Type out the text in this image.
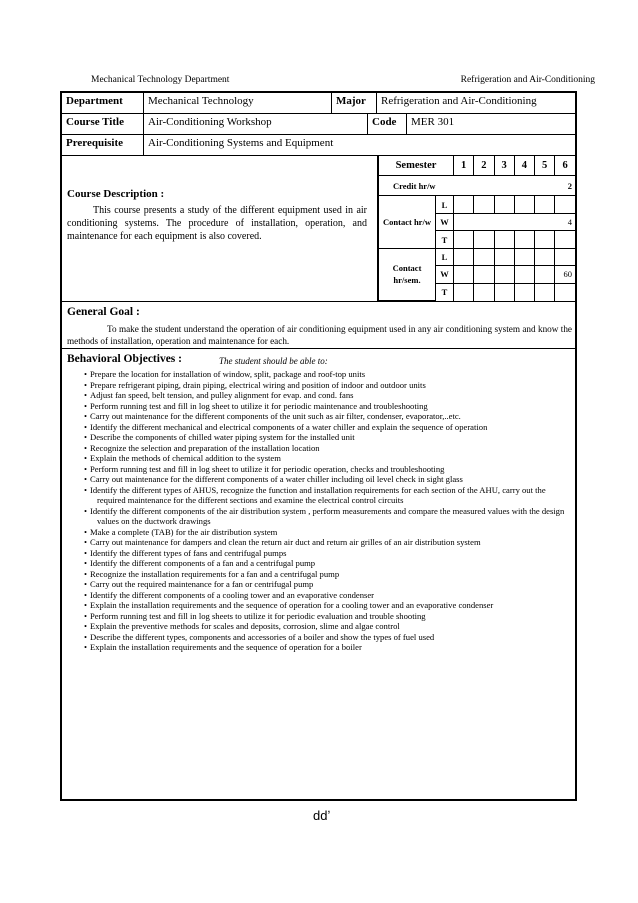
Mechanical Technology Department	Refrigeration and Air-Conditioning
Department	Mechanical Technology	Major	Refrigeration and Air-Conditioning
Course Title	Air-Conditioning Workshop	Code	MER 301
Prerequisite	Air-Conditioning Systems and Equipment
Course Description :
This course presents a study of the different equipment used in air conditioning systems. The procedure of installation, operation, and maintenance for each equipment is also covered.
Semester		1	2	3	4	5	6
Credit hr/w							2
Contact hr/w	L						
	W						4
	T						
Contact hr/sem.	L						
	W						60
	T						
General Goal :
To make the student understand the operation of air conditioning equipment used in any air conditioning system and know the methods of installation, operation and maintenance for each.
Behavioral Objectives :	The student should be able to:
• Prepare the location for installation of window, split, package and roof-top units
• Prepare refrigerant piping, drain piping, electrical wiring and position of indoor and outdoor units
• Adjust fan speed, belt tension, and pulley alignment for evap. and cond. fans
• Perform running test and fill in log sheet to utilize it for periodic maintenance and troubleshooting
• Carry out maintenance for the different components of the unit such as air filter, condenser, evaporator,..etc.
• Identify the different mechanical and electrical components of a water chiller and explain the sequence of operation
• Describe the components of chilled water piping system for the installed unit
• Recognize the selection and preparation of the installation location
• Explain the methods of chemical addition to the system
• Perform running test and fill in log sheet to utilize it for periodic operation, checks and troubleshooting
• Carry out maintenance for the different components of a water chiller including oil level check in sight glass
• Identify the different types of AHUS, recognize the function and installation requirements for each section of the AHU, carry out the required maintenance for the different sections and examine the electrical control circuits
• Identify the different components of the air distribution system , perform measurements and compare the measured values with the design values on the ductwork drawings
• Make a complete (TAB) for the air distribution system
• Carry out maintenance for dampers and clean the return air duct and return air grilles of an air distribution system
• Identify the different types of fans and centrifugal pumps
• Identify the different components of a fan and a centrifugal pump
• Recognize the installation requirements for a fan and a centrifugal pump
• Carry out the required maintenance for a fan or centrifugal pump
• Identify the different components of a cooling tower and an evaporative condenser
• Explain the installation requirements and the sequence of operation for a cooling tower and an evaporative condenser
• Perform running test and fill in log sheets to utilize it for periodic evaluation and trouble shooting
• Explain the preventive methods for scales and deposits, corrosion, slime and algae control
• Describe the different types, components and accessories of a boiler and show the types of fuel used
• Explain the installation requirements and the sequence of operation for a boiler
ddʼ
